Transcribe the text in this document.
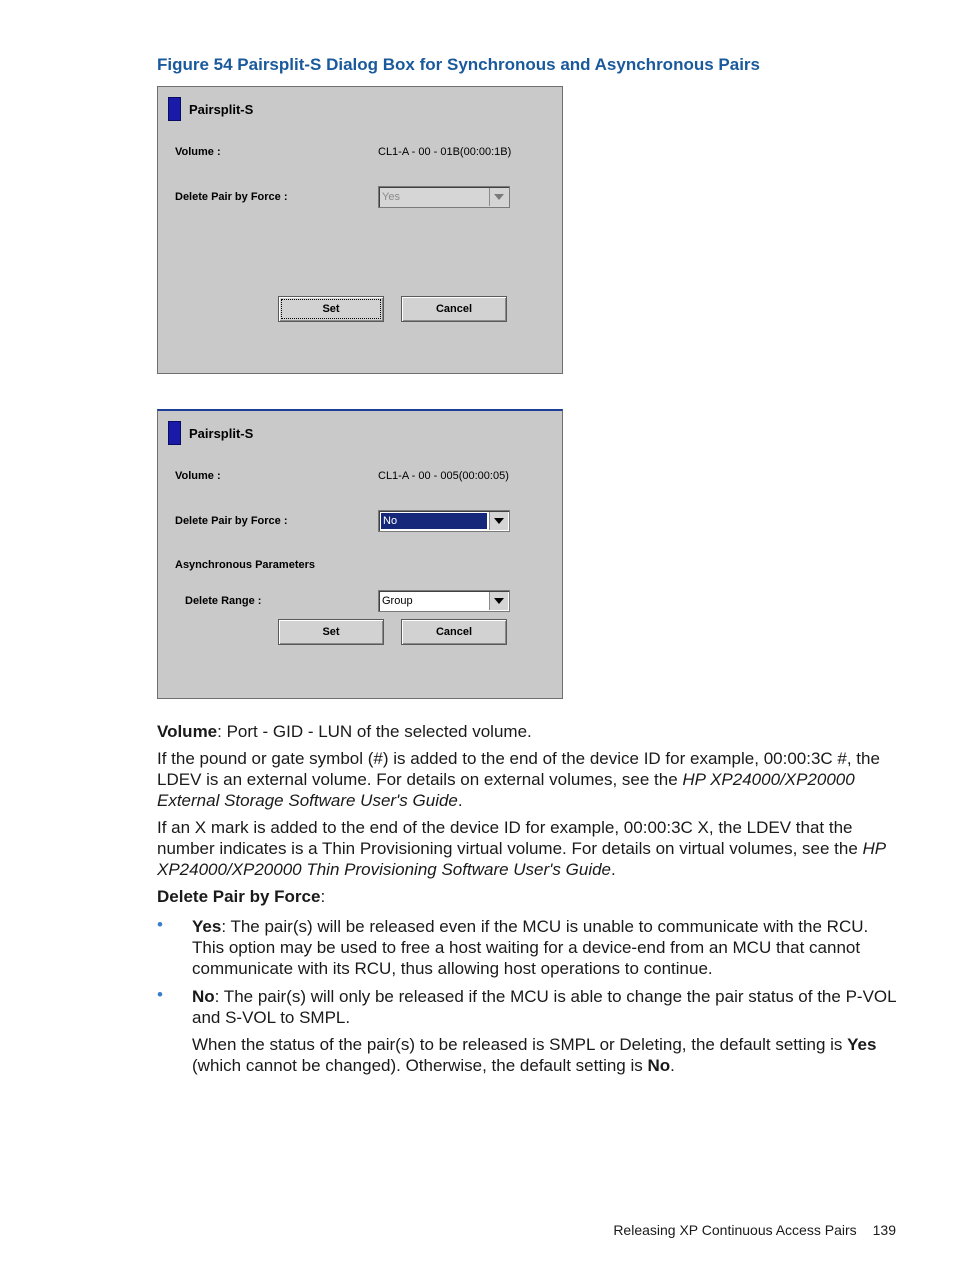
Figure 54 Pairsplit-S Dialog Box for Synchronous and Asynchronous Pairs
Pairsplit-S
Volume :	CL1-A - 00 - 01B(00:00:1B)
Delete Pair by Force :	Yes
Set	Cancel
Pairsplit-S
Volume :	CL1-A - 00 - 005(00:00:05)
Delete Pair by Force :	No
Asynchronous Parameters
Delete Range :	Group
Set	Cancel
Volume: Port - GID - LUN of the selected volume.
If the pound or gate symbol (#) is added to the end of the device ID for example, 00:00:3C #, the LDEV is an external volume. For details on external volumes, see the HP XP24000/XP20000 External Storage Software User's Guide.
If an X mark is added to the end of the device ID for example, 00:00:3C X, the LDEV that the number indicates is a Thin Provisioning virtual volume. For details on virtual volumes, see the HP XP24000/XP20000 Thin Provisioning Software User's Guide.
Delete Pair by Force:
• Yes: The pair(s) will be released even if the MCU is unable to communicate with the RCU. This option may be used to free a host waiting for a device-end from an MCU that cannot communicate with its RCU, thus allowing host operations to continue.
• No: The pair(s) will only be released if the MCU is able to change the pair status of the P-VOL and S-VOL to SMPL.
When the status of the pair(s) to be released is SMPL or Deleting, the default setting is Yes (which cannot be changed). Otherwise, the default setting is No.
Releasing XP Continuous Access Pairs 139
